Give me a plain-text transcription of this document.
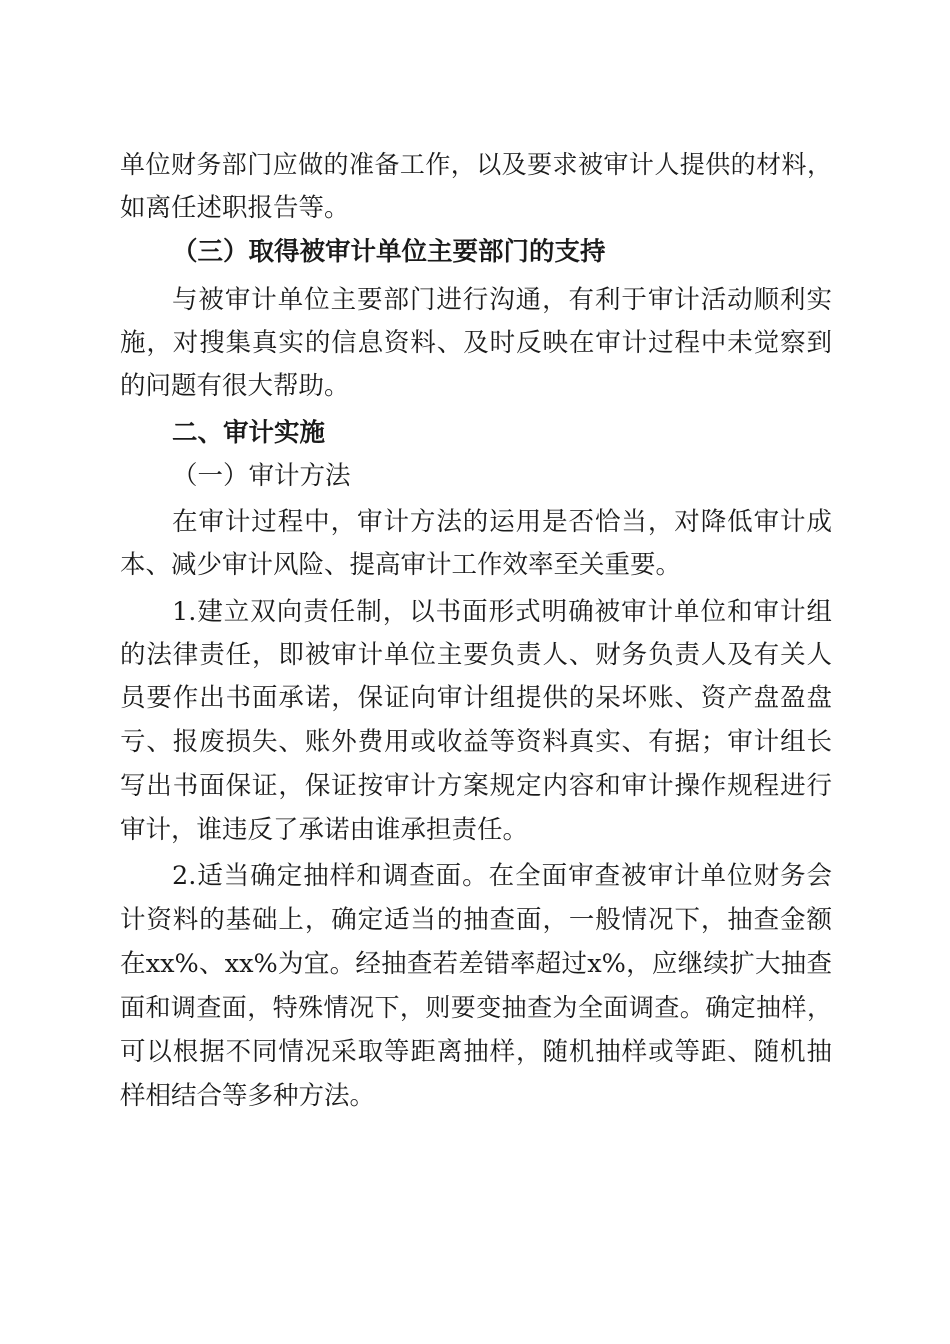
单位财务部门应做的准备工作，以及要求被审计人提供的材料，
如离任述职报告等。
（三）取得被审计单位主要部门的支持
与被审计单位主要部门进行沟通，有利于审计活动顺利实
施，对搜集真实的信息资料、及时反映在审计过程中未觉察到
的问题有很大帮助。
二、审计实施
（一）审计方法
在审计过程中，审计方法的运用是否恰当，对降低审计成
本、减少审计风险、提高审计工作效率至关重要。
1.建立双向责任制，以书面形式明确被审计单位和审计组
的法律责任，即被审计单位主要负责人、财务负责人及有关人
员要作出书面承诺，保证向审计组提供的呆坏账、资产盘盈盘
亏、报废损失、账外费用或收益等资料真实、有据；审计组长
写出书面保证，保证按审计方案规定内容和审计操作规程进行
审计，谁违反了承诺由谁承担责任。
2.适当确定抽样和调查面。在全面审查被审计单位财务会
计资料的基础上，确定适当的抽查面，一般情况下，抽查金额
在xx%、xx%为宜。经抽查若差错率超过x%，应继续扩大抽查
面和调查面，特殊情况下，则要变抽查为全面调查。确定抽样，
可以根据不同情况采取等距离抽样，随机抽样或等距、随机抽
样相结合等多种方法。
